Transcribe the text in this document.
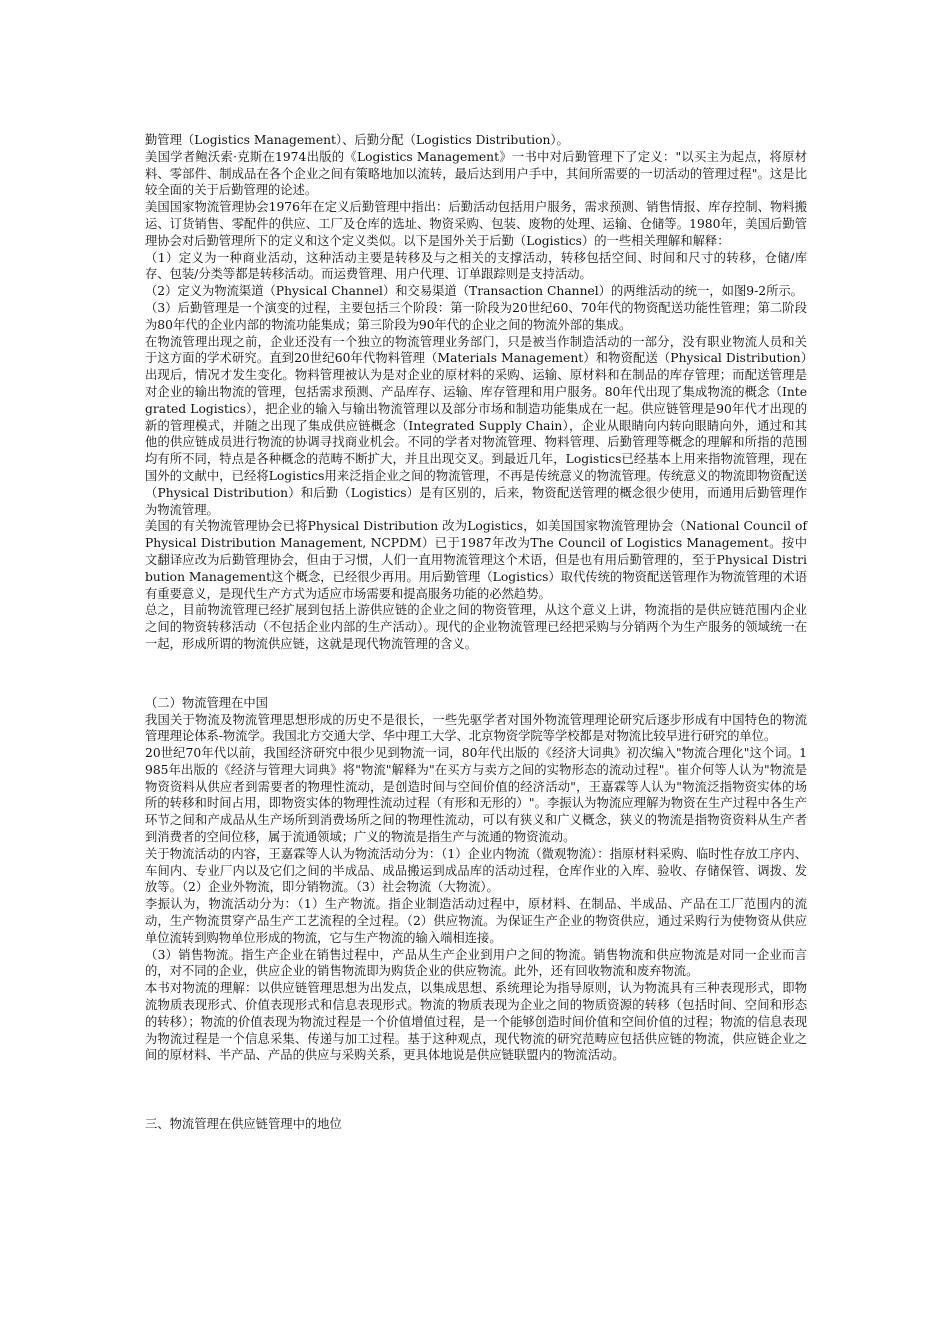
勤管理（Logistics Management）、后勤分配（Logistics Distribution）。

美国学者鲍沃索·克斯在1974出版的《Logistics Management》一书中对后勤管理下了定义："以买主为起点，将原材料、零部件、制成品在各个企业之间有策略地加以流转，最后达到用户手中，其间所需要的一切活动的管理过程"。这是比较全面的关于后勤管理的论述。

美国国家物流管理协会1976年在定义后勤管理中指出：后勤活动包括用户服务，需求预测、销售情报、库存控制、物料搬运、订货销售、零配件的供应、工厂及仓库的选址、物资采购、包装、废物的处理、运输、仓储等。1980年，美国后勤管理协会对后勤管理所下的定义和这个定义类似。以下是国外关于后勤（Logistics）的一些相关理解和解释：

（1）定义为一种商业活动，这种活动主要是转移及与之相关的支撑活动，转移包括空间、时间和尺寸的转移，仓储/库存、包装/分类等都是转移活动。而运费管理、用户代理、订单跟踪则是支持活动。

（2）定义为物流渠道（Physical Channel）和交易渠道（Transaction Channel）的两维活动的统一，如图9-2所示。

（3）后勤管理是一个演变的过程，主要包括三个阶段：第一阶段为20世纪60、70年代的物资配送功能性管理；第二阶段为80年代的企业内部的物流功能集成；第三阶段为90年代的企业之间的物流外部的集成。

在物流管理出现之前，企业还没有一个独立的物流管理业务部门，只是被当作制造活动的一部分，没有职业物流人员和关于这方面的学术研究。直到20世纪60年代物料管理（Materials Management）和物资配送（Physical Distribution）出现后，情况才发生变化。物料管理被认为是对企业的原材料的采购、运输、原材料和在制品的库存管理；而配送管理是对企业的输出物流的管理，包括需求预测、产品库存、运输、库存管理和用户服务。80年代出现了集成物流的概念（Integrated Logistics），把企业的输入与输出物流管理以及部分市场和制造功能集成在一起。供应链管理是90年代才出现的新的管理模式，并随之出现了集成供应链概念（Integrated Supply Chain），企业从眼睛向内转向眼睛向外，通过和其他的供应链成员进行物流的协调寻找商业机会。不同的学者对物流管理、物料管理、后勤管理等概念的理解和所指的范围均有所不同，特点是各种概念的范畴不断扩大，并且出现交叉。到最近几年，Logistics已经基本上用来指物流管理，现在国外的文献中，已经将Logistics用来泛指企业之间的物流管理，不再是传统意义的物流管理。传统意义的物流即物资配送（Physical Distribution）和后勤（Logistics）是有区别的，后来，物资配送管理的概念很少使用，而通用后勤管理作为物流管理。

美国的有关物流管理协会已将Physical Distribution 改为Logistics，如美国国家物流管理协会（National Council ofPhysical Distribution Management, NCPDM）已于1987年改为The Council of Logistics Management。按中文翻译应改为后勤管理协会，但由于习惯，人们一直用物流管理这个术语，但是也有用后勤管理的，至于Physical Distribution Management这个概念，已经很少再用。用后勤管理（Logistics）取代传统的物资配送管理作为物流管理的术语有重要意义，是现代生产方式为适应市场需要和提高服务功能的必然趋势。

总之，目前物流管理已经扩展到包括上游供应链的企业之间的物资管理，从这个意义上讲，物流指的是供应链范围内企业之间的物资转移活动（不包括企业内部的生产活动）。现代的企业物流管理已经把采购与分销两个为生产服务的领域统一在一起，形成所谓的物流供应链，这就是现代物流管理的含义。

（二）物流管理在中国

我国关于物流及物流管理思想形成的历史不是很长，一些先驱学者对国外物流管理理论研究后逐步形成有中国特色的物流管理理论体系-物流学。我国北方交通大学、华中理工大学、北京物资学院等学校都是对物流比较早进行研究的单位。

20世纪70年代以前，我国经济研究中很少见到物流一词，80年代出版的《经济大词典》初次编入"物流合理化"这个词。1985年出版的《经济与管理大词典》将"物流"解释为"在买方与卖方之间的实物形态的流动过程"。崔介何等人认为"物流是物资资料从供应者到需要者的物理性流动，是创造时间与空间价值的经济活动"，王嘉霖等人认为"物流泛指物资实体的场所的转移和时间占用，即物资实体的物理性流动过程（有形和无形的）"。李振认为物流应理解为物资在生产过程中各生产环节之间和产成品从生产场所到消费场所之间的物理性流动，可以有狭义和广义概念，狭义的物流是指物资资料从生产者到消费者的空间位移，属于流通领域；广义的物流是指生产与流通的物资流动。

关于物流活动的内容，王嘉霖等人认为物流活动分为：（1）企业内物流（微观物流）：指原材料采购、临时性存放工序内、车间内、专业厂内以及它们之间的半成品、成品搬运到成品库的活动过程，仓库作业的入库、验收、存储保管、调拨、发放等。（2）企业外物流，即分销物流。（3）社会物流（大物流）。

李振认为，物流活动分为：（1）生产物流。指企业制造活动过程中，原材料、在制品、半成品、产品在工厂范围内的流动，生产物流贯穿产品生产工艺流程的全过程。（2）供应物流。为保证生产企业的物资供应，通过采购行为使物资从供应单位流转到购物单位形成的物流，它与生产物流的输入端相连接。

（3）销售物流。指生产企业在销售过程中，产品从生产企业到用户之间的物流。销售物流和供应物流是对同一企业而言的，对不同的企业，供应企业的销售物流即为购货企业的供应物流。此外，还有回收物流和废弃物流。

本书对物流的理解：以供应链管理思想为出发点，以集成思想、系统理论为指导原则，认为物流具有三种表现形式，即物流物质表现形式、价值表现形式和信息表现形式。物流的物质表现为企业之间的物质资源的转移（包括时间、空间和形态的转移）；物流的价值表现为物流过程是一个价值增值过程，是一个能够创造时间价值和空间价值的过程；物流的信息表现为物流过程是一个信息采集、传递与加工过程。基于这种观点，现代物流的研究范畴应包括供应链的物流，供应链企业之间的原材料、半产品、产品的供应与采购关系，更具体地说是供应链联盟内的物流活动。

三、物流管理在供应链管理中的地位
